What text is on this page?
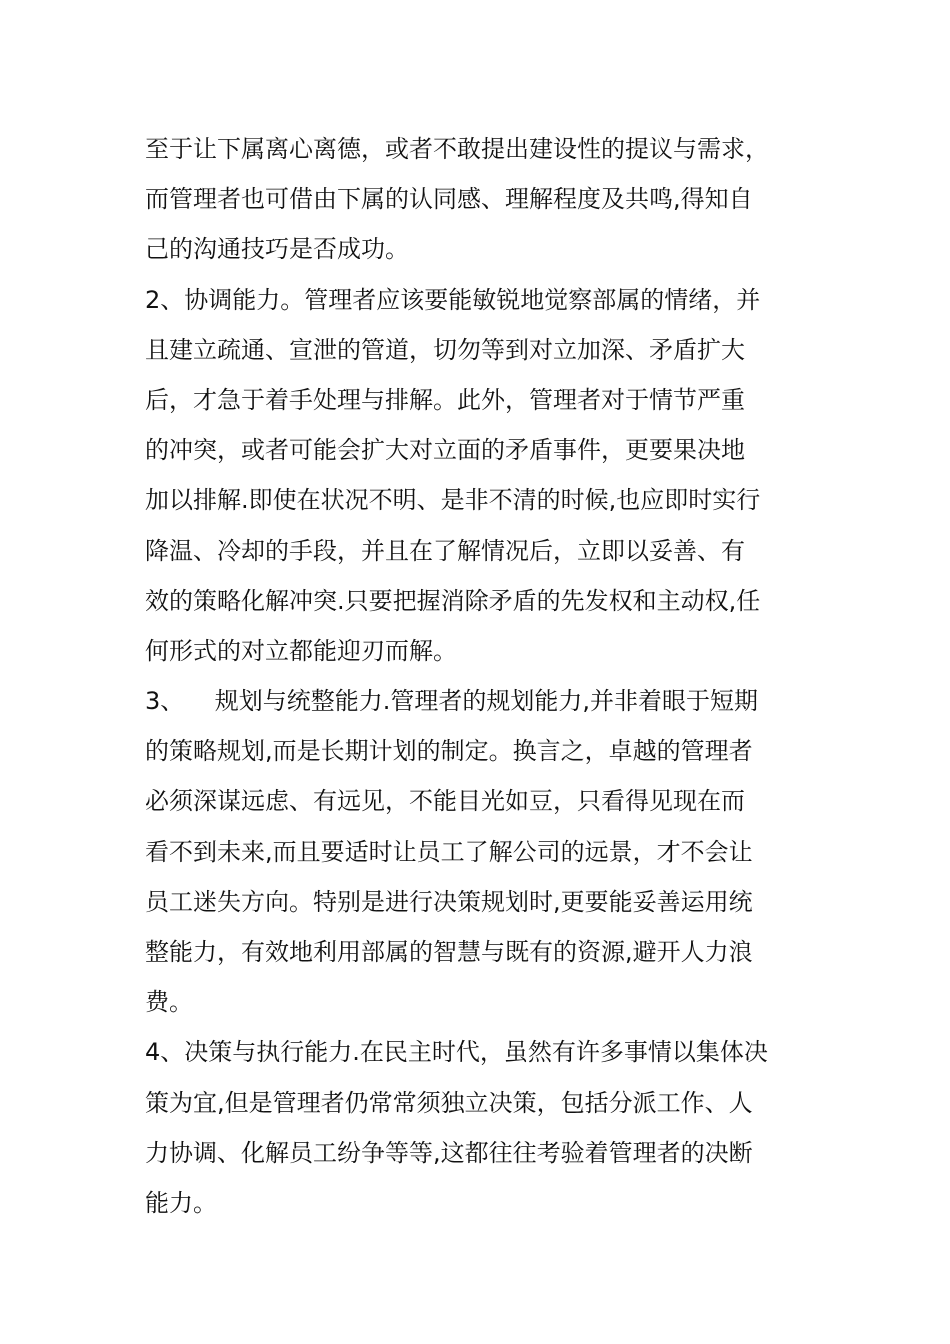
至于让下属离心离德，或者不敢提出建设性的提议与需求，
而管理者也可借由下属的认同感、理解程度及共鸣,得知自
己的沟通技巧是否成功。
2、协调能力。管理者应该要能敏锐地觉察部属的情绪，并
且建立疏通、宣泄的管道，切勿等到对立加深、矛盾扩大
后，才急于着手处理与排解。此外，管理者对于情节严重
的冲突，或者可能会扩大对立面的矛盾事件，更要果决地
加以排解.即使在状况不明、是非不清的时候,也应即时实行
降温、冷却的手段，并且在了解情况后，立即以妥善、有
效的策略化解冲突.只要把握消除矛盾的先发权和主动权,任
何形式的对立都能迎刃而解。
3、    规划与统整能力.管理者的规划能力,并非着眼于短期
的策略规划,而是长期计划的制定。换言之，卓越的管理者
必须深谋远虑、有远见，不能目光如豆，只看得见现在而
看不到未来,而且要适时让员工了解公司的远景，才不会让
员工迷失方向。特别是进行决策规划时,更要能妥善运用统
整能力，有效地利用部属的智慧与既有的资源,避开人力浪
费。
4、决策与执行能力.在民主时代，虽然有许多事情以集体决
策为宜,但是管理者仍常常须独立决策，包括分派工作、人
力协调、化解员工纷争等等,这都往往考验着管理者的决断
能力。
